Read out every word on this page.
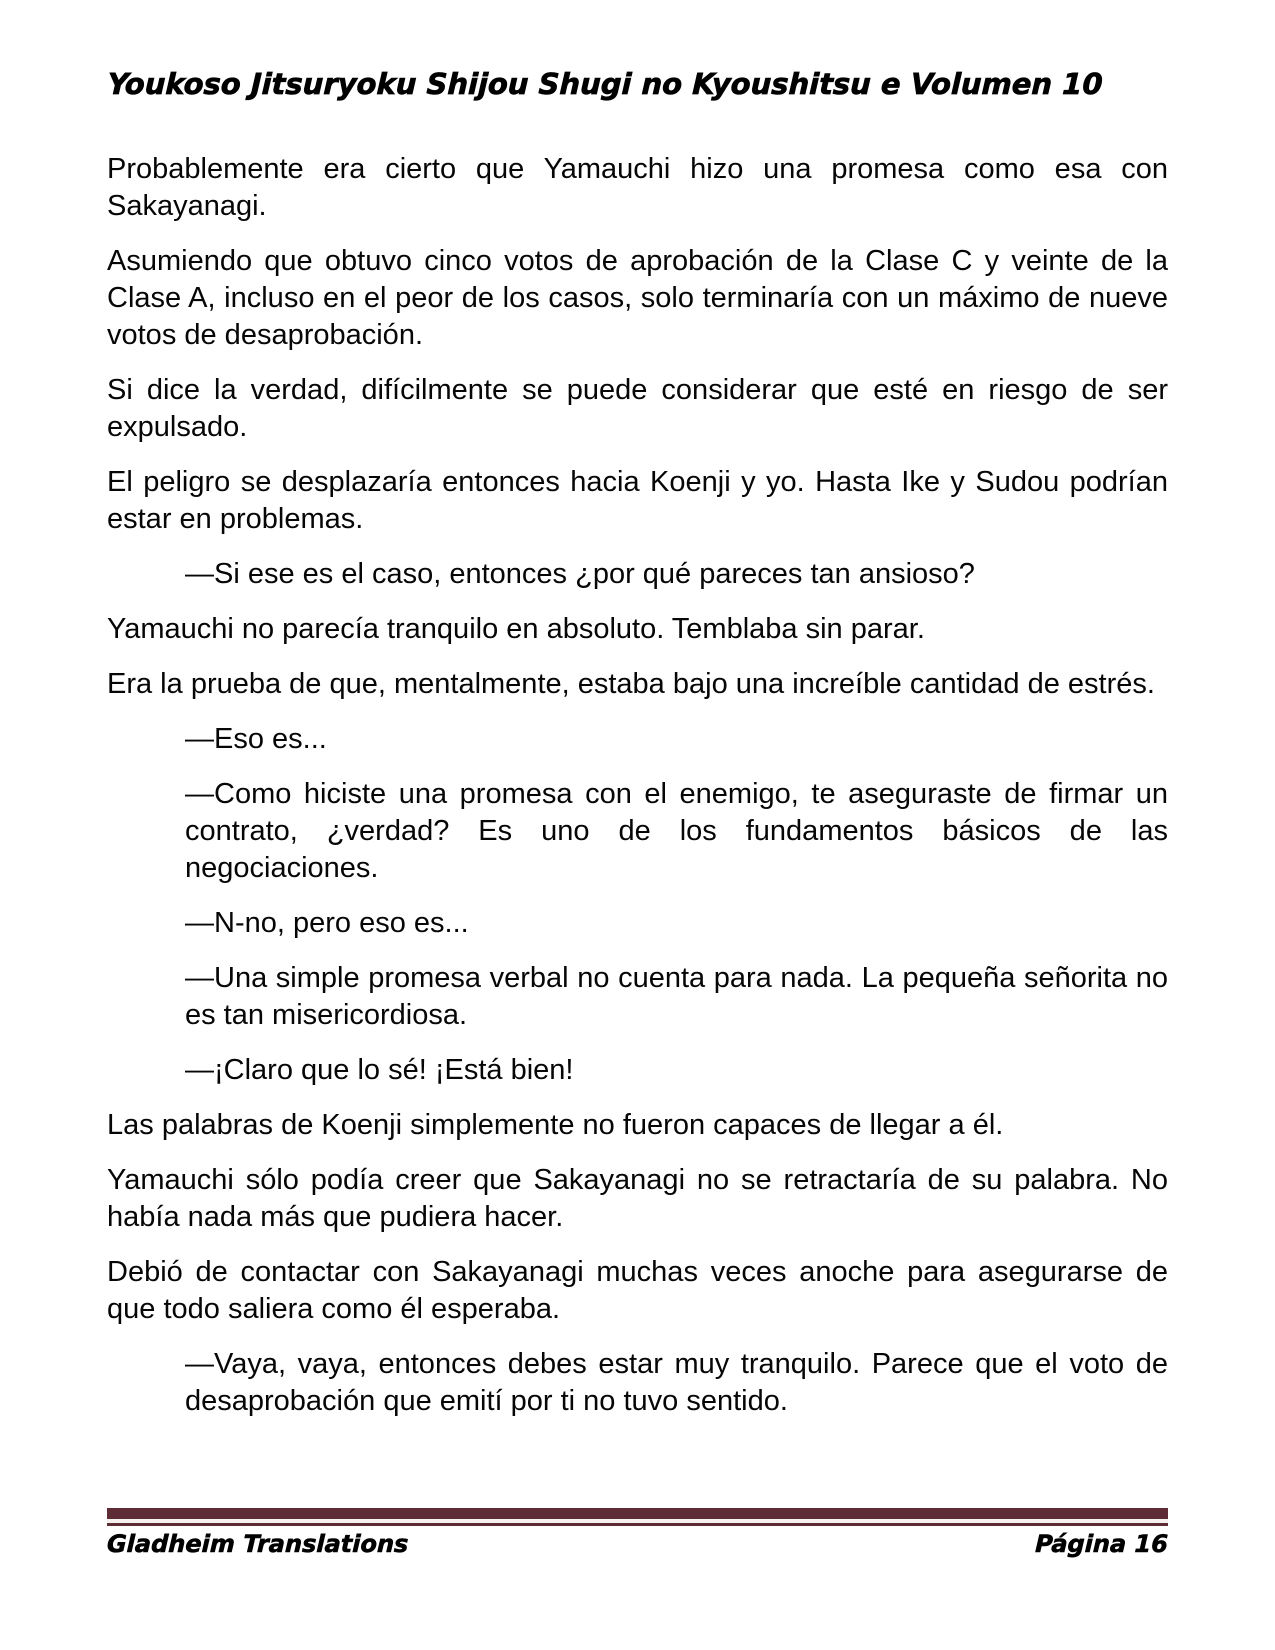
Youkoso Jitsuryoku Shijou Shugi no Kyoushitsu e Volumen 10

Probablemente era cierto que Yamauchi hizo una promesa como esa con Sakayanagi.

Asumiendo que obtuvo cinco votos de aprobación de la Clase C y veinte de la Clase A, incluso en el peor de los casos, solo terminaría con un máximo de nueve votos de desaprobación.

Si dice la verdad, difícilmente se puede considerar que esté en riesgo de ser expulsado.

El peligro se desplazaría entonces hacia Koenji y yo. Hasta Ike y Sudou podrían estar en problemas.

—Si ese es el caso, entonces ¿por qué pareces tan ansioso?

Yamauchi no parecía tranquilo en absoluto. Temblaba sin parar.

Era la prueba de que, mentalmente, estaba bajo una increíble cantidad de estrés.

—Eso es...

—Como hiciste una promesa con el enemigo, te aseguraste de firmar un contrato, ¿verdad? Es uno de los fundamentos básicos de las negociaciones.

—N-no, pero eso es...

—Una simple promesa verbal no cuenta para nada. La pequeña señorita no es tan misericordiosa.

—¡Claro que lo sé! ¡Está bien!

Las palabras de Koenji simplemente no fueron capaces de llegar a él.

Yamauchi sólo podía creer que Sakayanagi no se retractaría de su palabra. No había nada más que pudiera hacer.

Debió de contactar con Sakayanagi muchas veces anoche para asegurarse de que todo saliera como él esperaba.

—Vaya, vaya, entonces debes estar muy tranquilo. Parece que el voto de desaprobación que emití por ti no tuvo sentido.

Gladheim Translations	Página 16
